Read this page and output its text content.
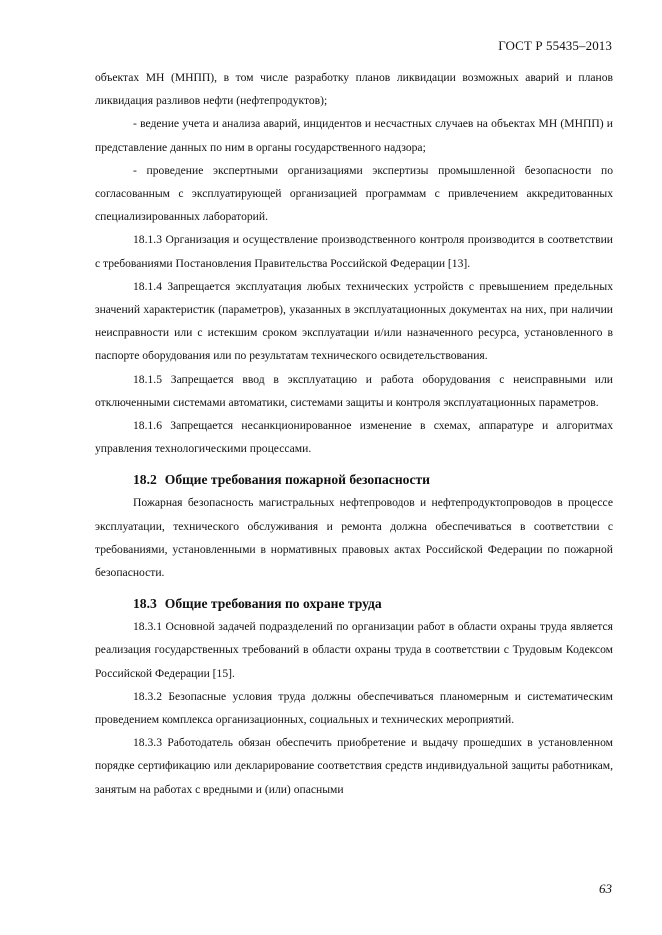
ГОСТ Р 55435–2013

объектах МН (МНПП), в том числе разработку планов ликвидации возможных аварий и планов ликвидация разливов нефти (нефтепродуктов);

- ведение учета и анализа аварий, инцидентов и несчастных случаев на объектах МН (МНПП) и представление данных по ним в органы государственного надзора;

- проведение экспертными организациями экспертизы промышленной безопасности по согласованным с эксплуатирующей организацией программам с привлечением аккредитованных специализированных лабораторий.

18.1.3 Организация и осуществление производственного контроля производится в соответствии с требованиями Постановления Правительства Российской Федерации [13].

18.1.4 Запрещается эксплуатация любых технических устройств с превышением предельных значений характеристик (параметров), указанных в эксплуатационных документах на них, при наличии неисправности или с истекшим сроком эксплуатации и/или назначенного ресурса, установленного в паспорте оборудования или по результатам технического освидетельствования.

18.1.5 Запрещается ввод в эксплуатацию и работа оборудования с неисправными или отключенными системами автоматики, системами защиты и контроля эксплуатационных параметров.

18.1.6 Запрещается несанкционированное изменение в схемах, аппаратуре и алгоритмах управления технологическими процессами.

18.2 Общие требования пожарной безопасности

Пожарная безопасность магистральных нефтепроводов и нефтепродуктопроводов в процессе эксплуатации, технического обслуживания и ремонта должна обеспечиваться в соответствии с требованиями, установленными в нормативных правовых актах Российской Федерации по пожарной безопасности.

18.3 Общие требования по охране труда

18.3.1 Основной задачей подразделений по организации работ в области охраны труда является реализация государственных требований в области охраны труда в соответствии с Трудовым Кодексом Российской Федерации [15].

18.3.2 Безопасные условия труда должны обеспечиваться планомерным и систематическим проведением комплекса организационных, социальных и технических мероприятий.

18.3.3 Работодатель обязан обеспечить приобретение и выдачу прошедших в установленном порядке сертификацию или декларирование соответствия средств индивидуальной защиты работникам, занятым на работах с вредными и (или) опасными

63
